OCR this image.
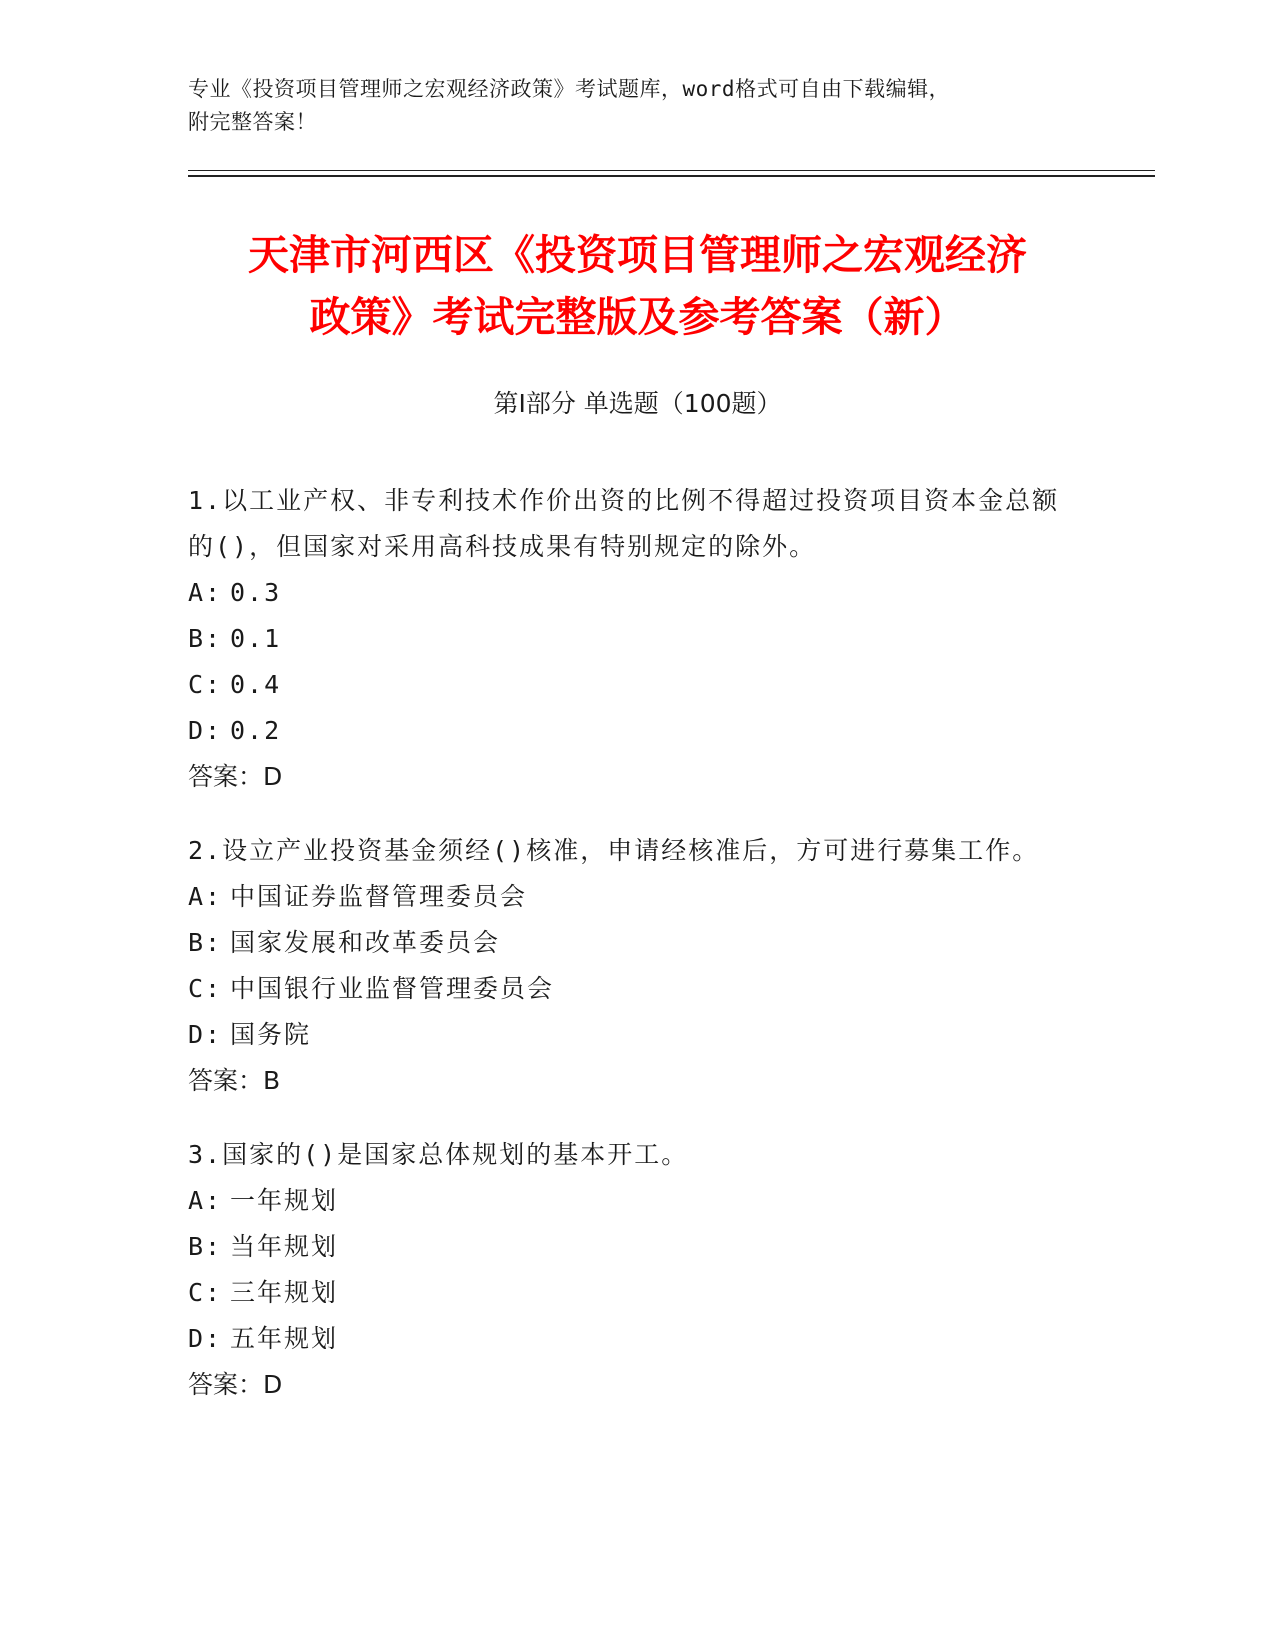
专业《投资项目管理师之宏观经济政策》考试题库，word格式可自由下载编辑，
附完整答案！
天津市河西区《投资项目管理师之宏观经济
政策》考试完整版及参考答案（新）
第Ⅰ部分 单选题（100题）
1.以工业产权、非专利技术作价出资的比例不得超过投资项目资本金总额的()，但国家对采用高科技成果有特别规定的除外。
A: 0.3
B: 0.1
C: 0.4
D: 0.2
答案：D
2.设立产业投资基金须经()核准，申请经核准后，方可进行募集工作。
A: 中国证券监督管理委员会
B: 国家发展和改革委员会
C: 中国银行业监督管理委员会
D: 国务院
答案：B
3.国家的()是国家总体规划的基本开工。
A: 一年规划
B: 当年规划
C: 三年规划
D: 五年规划
答案：D
